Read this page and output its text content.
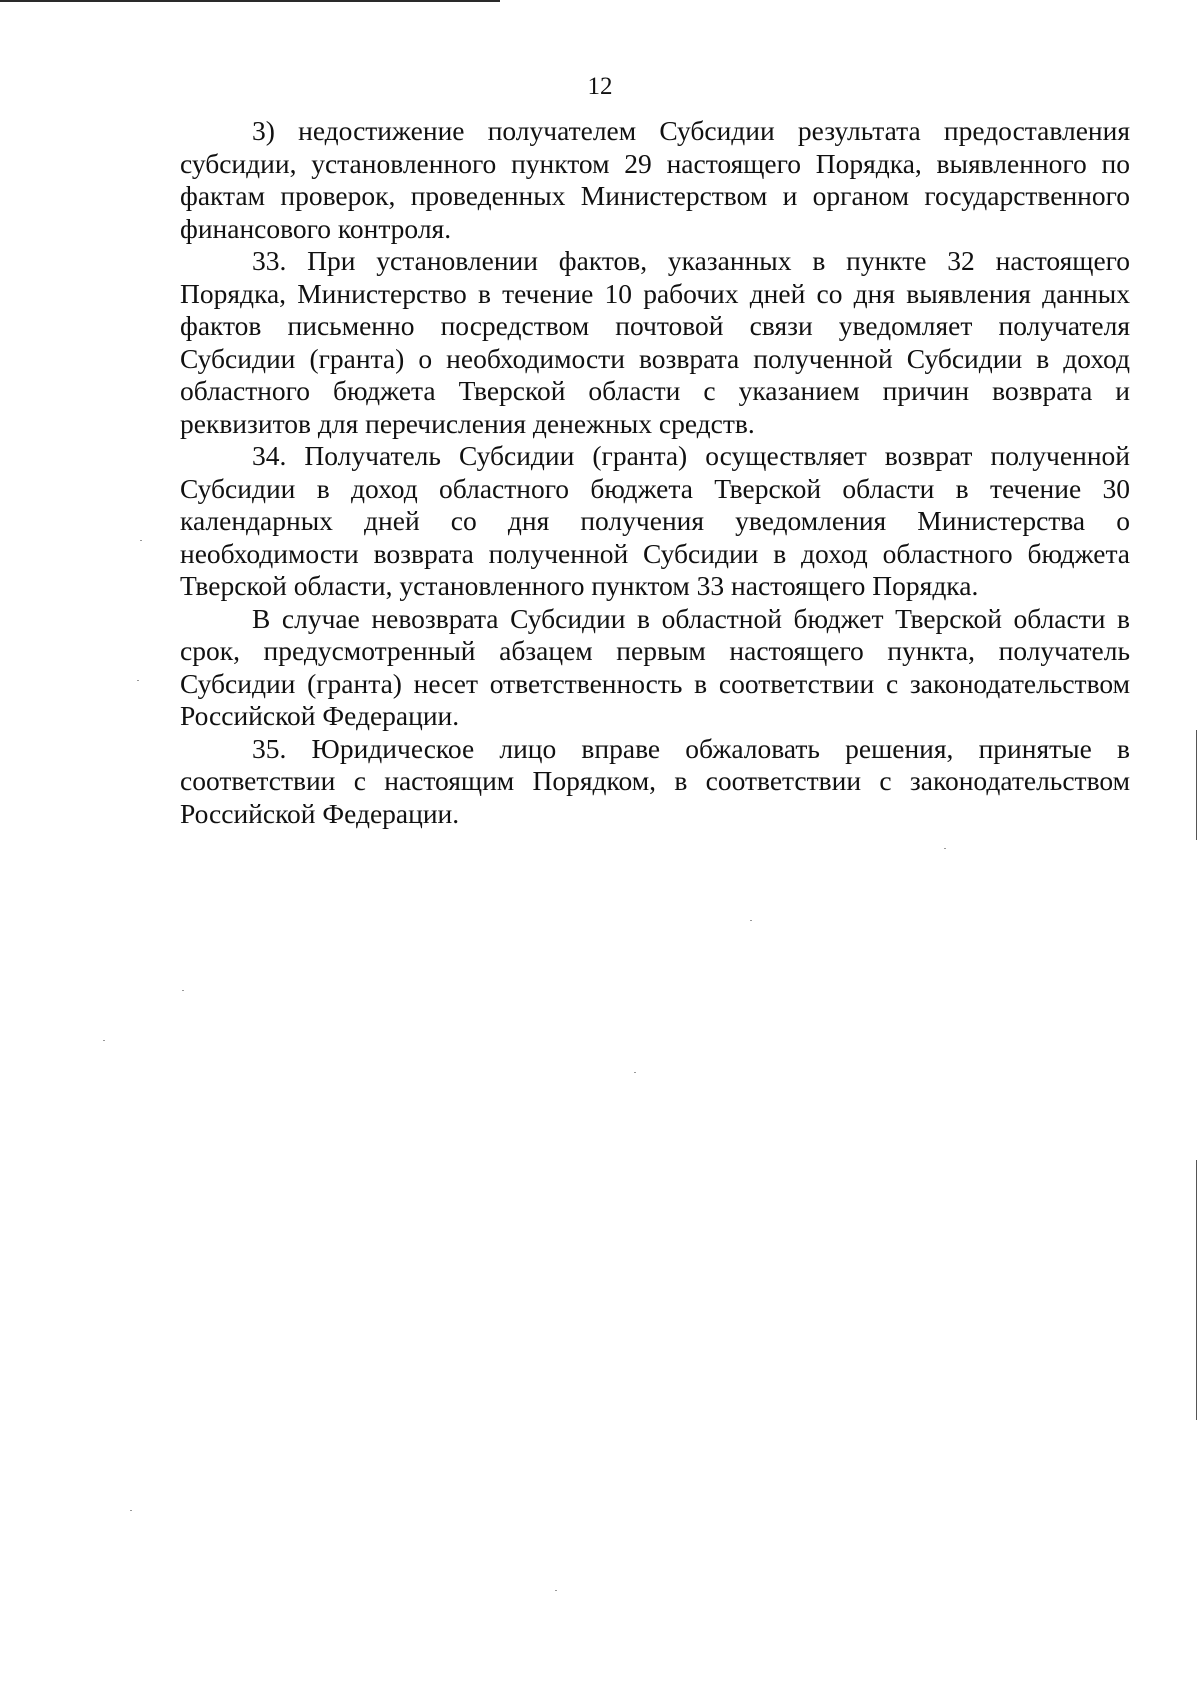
12

3) недостижение получателем Субсидии результата предоставления субсидии, установленного пунктом 29 настоящего Порядка, выявленного по фактам проверок, проведенных Министерством и органом государственного финансового контроля.

33. При установлении фактов, указанных в пункте 32 настоящего Порядка, Министерство в течение 10 рабочих дней со дня выявления данных фактов письменно посредством почтовой связи уведомляет получателя Субсидии (гранта) о необходимости возврата полученной Субсидии в доход областного бюджета Тверской области с указанием причин возврата и реквизитов для перечисления денежных средств.

34. Получатель Субсидии (гранта) осуществляет возврат полученной Субсидии в доход областного бюджета Тверской области в течение 30 календарных дней со дня получения уведомления Министерства о необходимости возврата полученной Субсидии в доход областного бюджета Тверской области, установленного пунктом 33 настоящего Порядка.

В случае невозврата Субсидии в областной бюджет Тверской области в срок, предусмотренный абзацем первым настоящего пункта, получатель Субсидии (гранта) несет ответственность в соответствии с законодательством Российской Федерации.

35. Юридическое лицо вправе обжаловать решения, принятые в соответствии с настоящим Порядком, в соответствии с законодательством Российской Федерации.
